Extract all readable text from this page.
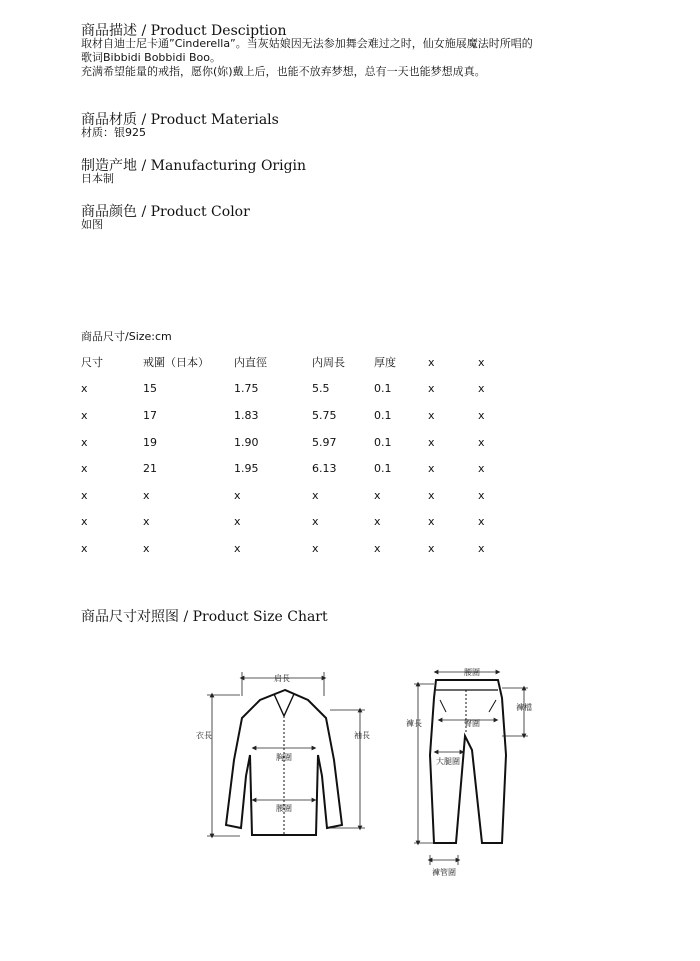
商品描述 / Product Desciption
取材自迪士尼卡通”Cinderella”。当灰姑娘因无法参加舞会难过之时，仙女施展魔法时所唱的
歌词Bibbidi Bobbidi Boo。
充满希望能量的戒指，愿你(妳)戴上后，也能不放弃梦想，总有一天也能梦想成真。
商品材质 / Product Materials
材质：银925
制造产地 / Manufacturing Origin
日本制
商品颜色 / Product Color
如图
商品尺寸/Size:cm
尺寸	戒圍（日本）	内直徑	内周長	厚度	x	x
x	15	1.75	5.5	0.1	x	x
x	17	1.83	5.75	0.1	x	x
x	19	1.90	5.97	0.1	x	x
x	21	1.95	6.13	0.1	x	x
x	x	x	x	x	x	x
x	x	x	x	x	x	x
x	x	x	x	x	x	x
商品尺寸对照图 / Product Size Chart
肩長
衣長	袖長
胸圍
腰圍
腰圍
褲檔
褲長	臀圍
大腿圍
褲管圍
